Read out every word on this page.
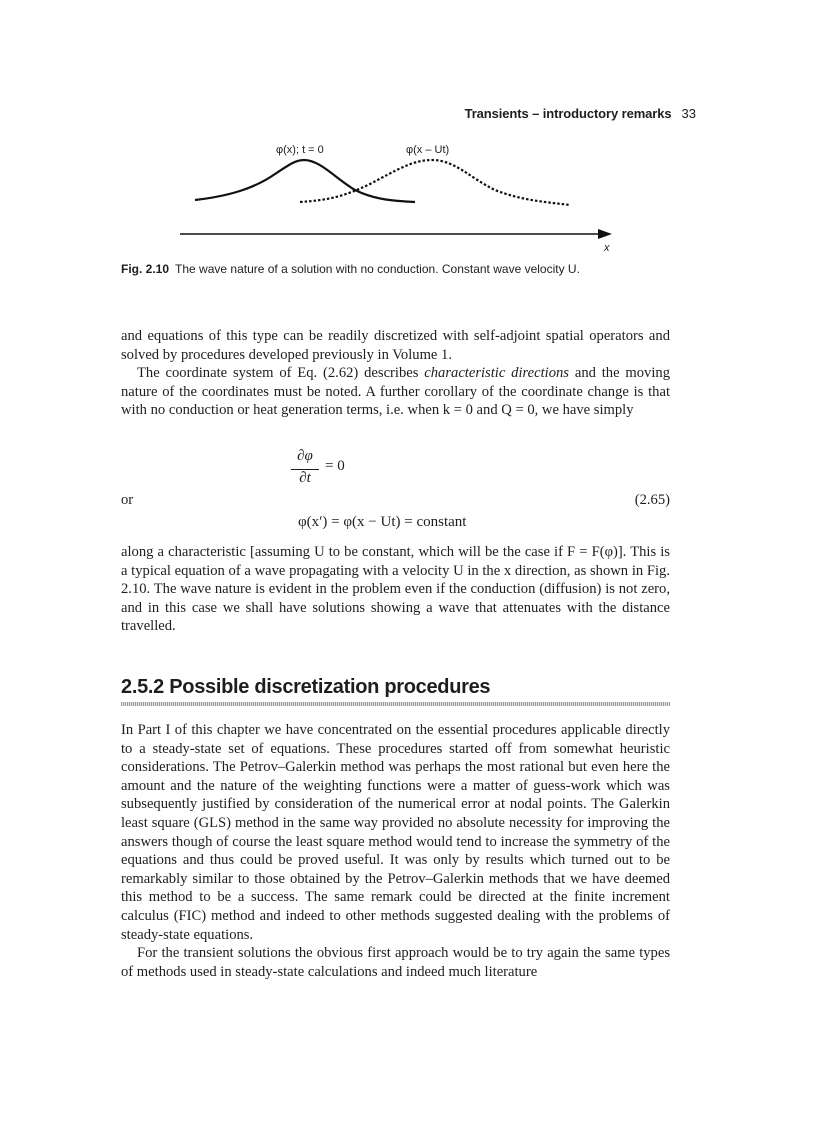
Transients – introductory remarks 33
φ(x); t = 0	φ(x – Ut)
x
Fig. 2.10 The wave nature of a solution with no conduction. Constant wave velocity U.

and equations of this type can be readily discretized with self-adjoint spatial operators and solved by procedures developed previously in Volume 1.

The coordinate system of Eq. (2.62) describes characteristic directions and the moving nature of the coordinates must be noted. A further corollary of the coordinate change is that with no conduction or heat generation terms, i.e. when k = 0 and Q = 0, we have simply

∂φ
∂t
= 0
or	(2.65)
φ(x′) = φ(x − Ut) = constant

along a characteristic [assuming U to be constant, which will be the case if F = F(φ)]. This is a typical equation of a wave propagating with a velocity U in the x direction, as shown in Fig. 2.10. The wave nature is evident in the problem even if the conduction (diffusion) is not zero, and in this case we shall have solutions showing a wave that attenuates with the distance travelled.

2.5.2 Possible discretization procedures

In Part I of this chapter we have concentrated on the essential procedures applicable directly to a steady-state set of equations. These procedures started off from somewhat heuristic considerations. The Petrov–Galerkin method was perhaps the most rational but even here the amount and the nature of the weighting functions were a matter of guess-work which was subsequently justified by consideration of the numerical error at nodal points. The Galerkin least square (GLS) method in the same way provided no absolute necessity for improving the answers though of course the least square method would tend to increase the symmetry of the equations and thus could be proved useful. It was only by results which turned out to be remarkably similar to those obtained by the Petrov–Galerkin methods that we have deemed this method to be a success. The same remark could be directed at the finite increment calculus (FIC) method and indeed to other methods suggested dealing with the problems of steady-state equations.

For the transient solutions the obvious first approach would be to try again the same types of methods used in steady-state calculations and indeed much literature
